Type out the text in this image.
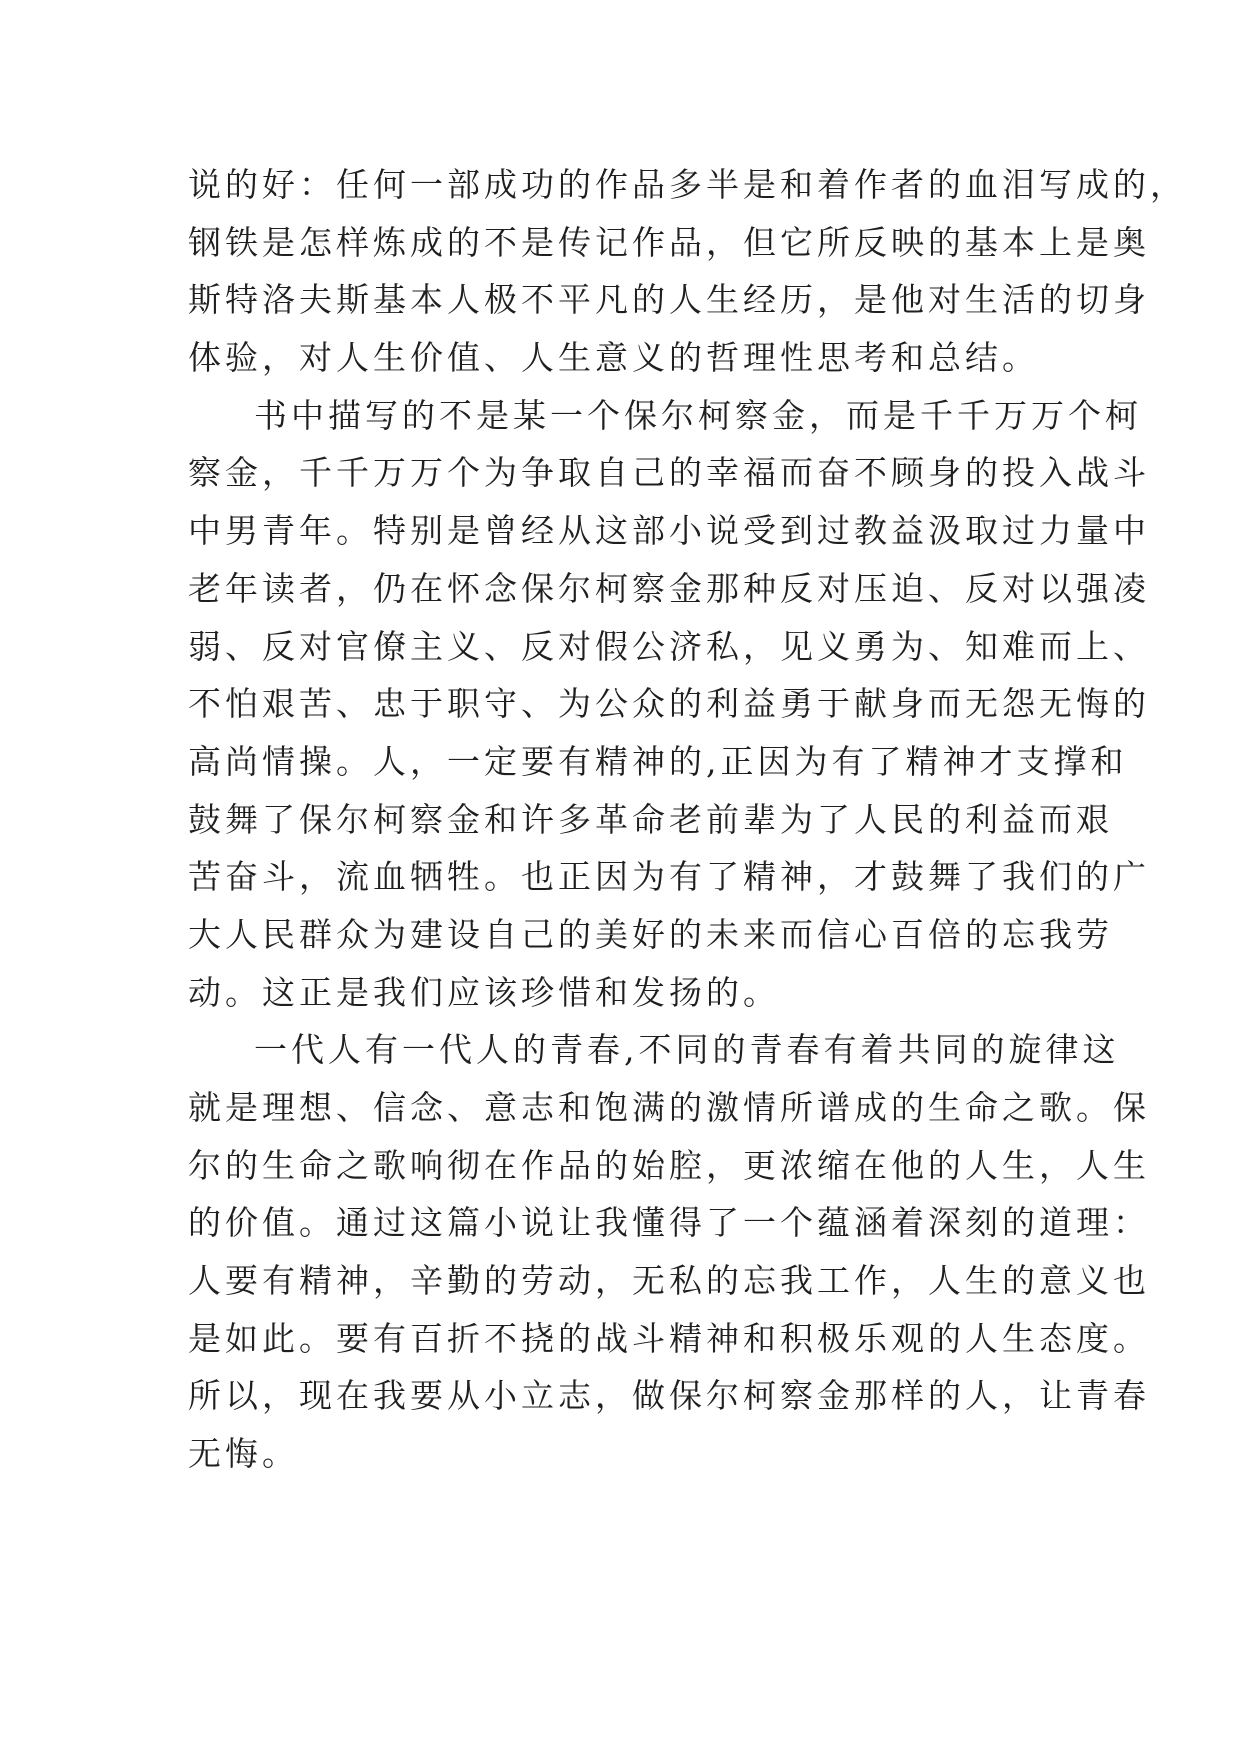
说的好：任何一部成功的作品多半是和着作者的血泪写成的，
钢铁是怎样炼成的不是传记作品，但它所反映的基本上是奥
斯特洛夫斯基本人极不平凡的人生经历，是他对生活的切身
体验，对人生价值、人生意义的哲理性思考和总结。
书中描写的不是某一个保尔柯察金，而是千千万万个柯
察金，千千万万个为争取自己的幸福而奋不顾身的投入战斗
中男青年。特别是曾经从这部小说受到过教益汲取过力量中
老年读者，仍在怀念保尔柯察金那种反对压迫、反对以强凌
弱、反对官僚主义、反对假公济私，见义勇为、知难而上、
不怕艰苦、忠于职守、为公众的利益勇于献身而无怨无悔的
高尚情操。人，一定要有精神的,正因为有了精神才支撑和
鼓舞了保尔柯察金和许多革命老前辈为了人民的利益而艰
苦奋斗，流血牺牲。也正因为有了精神，才鼓舞了我们的广
大人民群众为建设自己的美好的未来而信心百倍的忘我劳
动。这正是我们应该珍惜和发扬的。
一代人有一代人的青春,不同的青春有着共同的旋律这
就是理想、信念、意志和饱满的激情所谱成的生命之歌。保
尔的生命之歌响彻在作品的始腔，更浓缩在他的人生，人生
的价值。通过这篇小说让我懂得了一个蕴涵着深刻的道理：
人要有精神，辛勤的劳动，无私的忘我工作，人生的意义也
是如此。要有百折不挠的战斗精神和积极乐观的人生态度。
所以，现在我要从小立志，做保尔柯察金那样的人，让青春
无悔。
